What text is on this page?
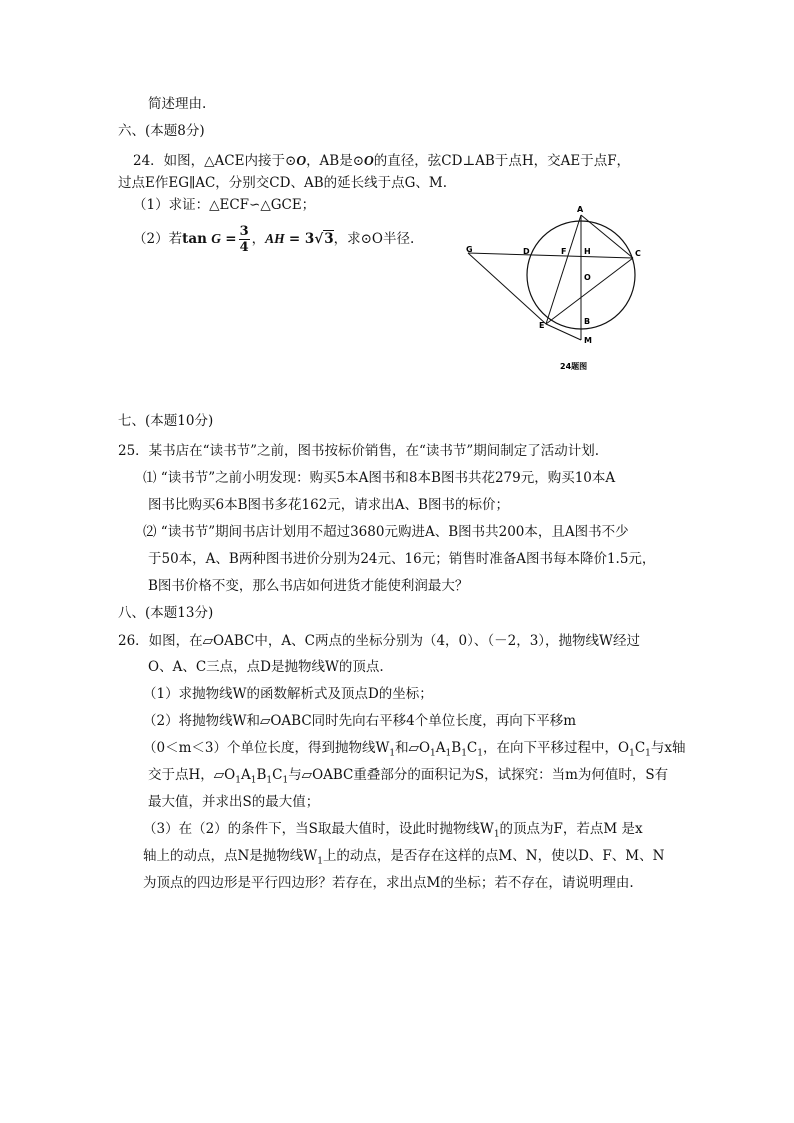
简述理由.
六、(本题8分)
24．如图，△ACE内接于⊙O，AB是⊙O的直径，弦CD⊥AB于点H，交AE于点F，
过点E作EG∥AC，分别交CD、AB的延长线于点G、M.
（1）求证：△ECF∽△GCE；
（2）若$\tan G = \frac{3}{4}$ ，AH = 3√3，求⊙O半径.
A
G	D	F H	C
O
E	B
M
24题图
七、(本题10分)
25．某书店在“读书节”之前，图书按标价销售，在“读书节”期间制定了活动计划.
⑴ “读书节”之前小明发现：购买5本A图书和8本B图书共花279元，购买10本A
图书比购买6本B图书多花162元，请求出A、B图书的标价；
⑵ “读书节”期间书店计划用不超过3680元购进A、B图书共200本，且A图书不少
于50本，A、B两种图书进价分别为24元、16元；销售时准备A图书每本降价1.5元，
B图书价格不变，那么书店如何进货才能使利润最大？
八、(本题13分)
26．如图，在▱OABC中，A、C两点的坐标分别为（4，0）、（－2，3），抛物线W经过
O、A、C三点，点D是抛物线W的顶点.
（1）求抛物线W的函数解析式及顶点D的坐标；
（2）将抛物线W和▱OABC同时先向右平移4个单位长度，再向下平移m
（0＜m＜3）个单位长度，得到抛物线$W_1$和$▱O_1A_1B_1C_1$，在向下平移过程中，$O_1C_1$与x轴
交于点H，$▱O_1A_1B_1C_1$与▱OABC重叠部分的面积记为S，试探究：当m为何值时，S有
最大值，并求出S的最大值；
（3）在（2）的条件下，当S取最大值时，设此时抛物线$W_1$的顶点为F，若点M 是x
轴上的动点，点N是抛物线$W_1$上的动点，是否存在这样的点M、N，使以D、F、M、N
为顶点的四边形是平行四边形？若存在，求出点M的坐标；若不存在，请说明理由.
